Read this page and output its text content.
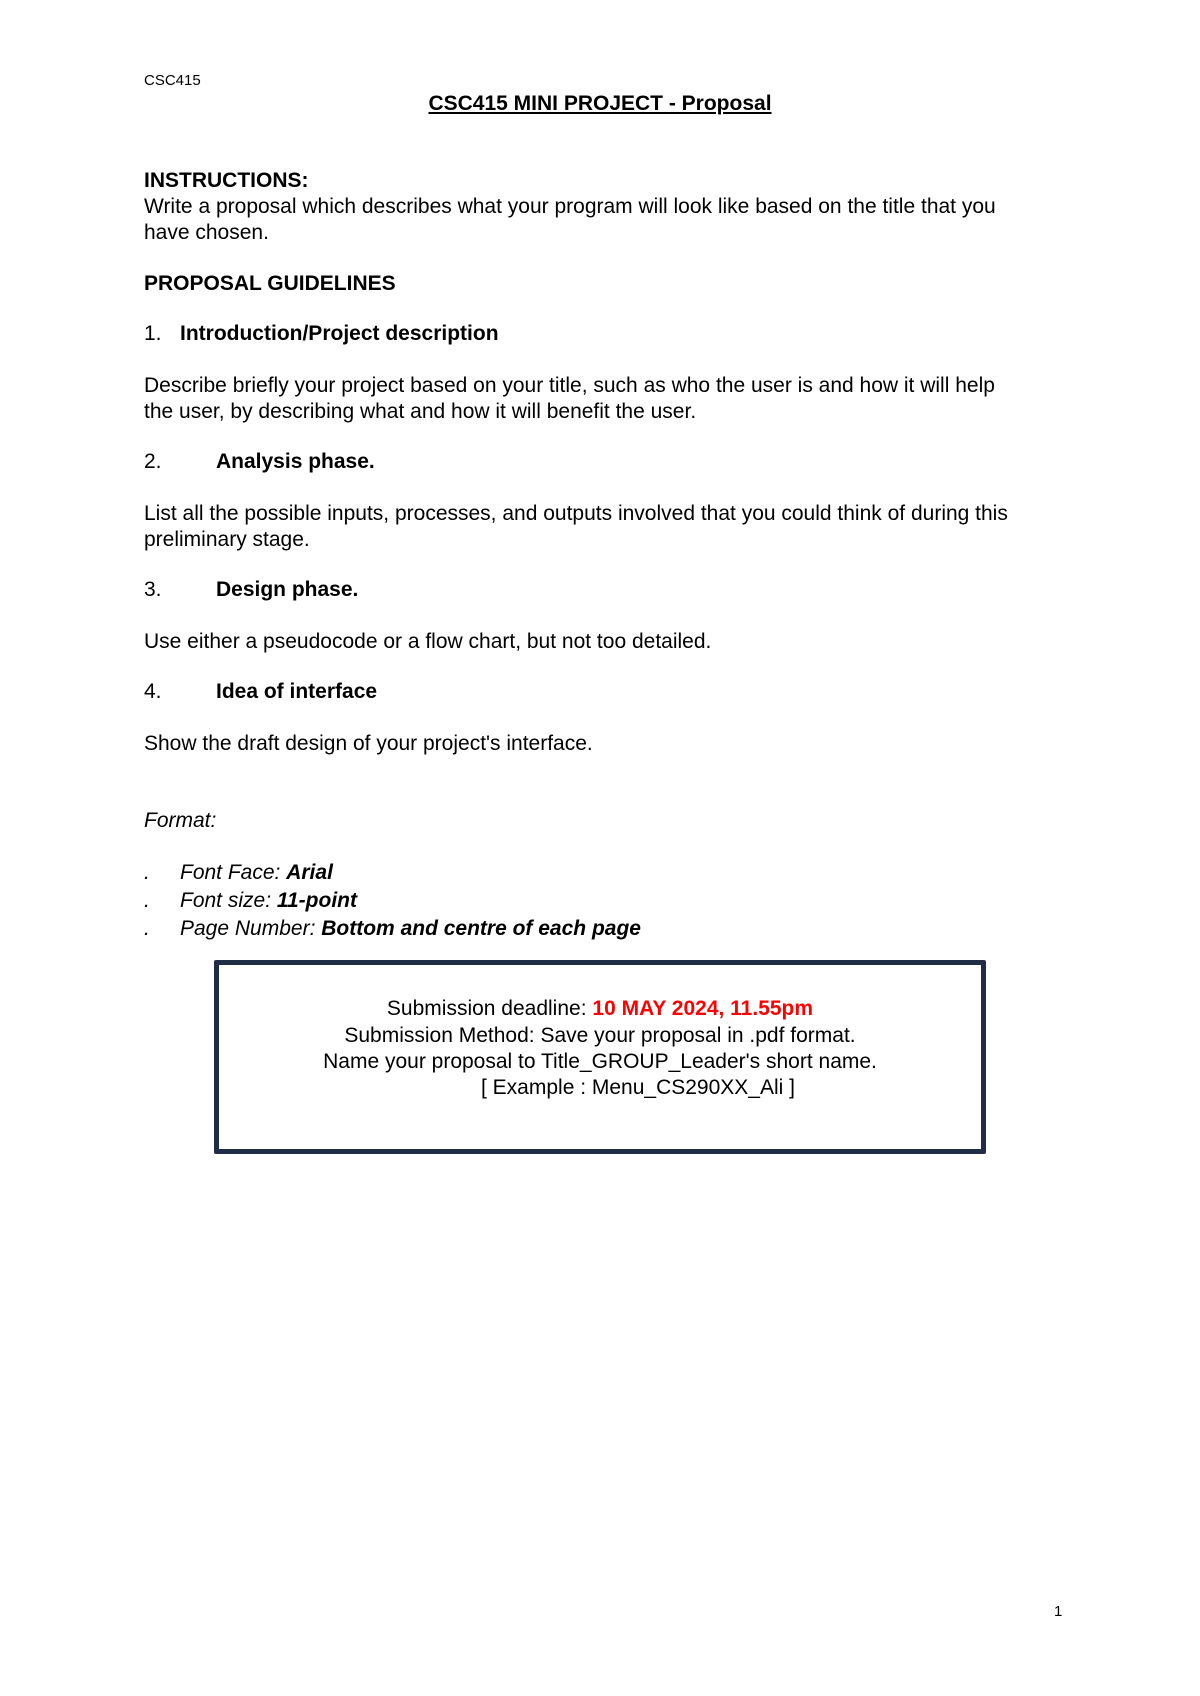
CSC415
CSC415 MINI PROJECT - Proposal
INSTRUCTIONS:
Write a proposal which describes what your program will look like based on the title that you
have chosen.
PROPOSAL GUIDELINES
1. Introduction/Project description
Describe briefly your project based on your title, such as who the user is and how it will help
the user, by describing what and how it will benefit the user.
2.	Analysis phase.
List all the possible inputs, processes, and outputs involved that you could think of during this
preliminary stage.
3.	Design phase.
Use either a pseudocode or a flow chart, but not too detailed.
4.	Idea of interface
Show the draft design of your project's interface.
Format:
. Font Face: Arial
. Font size: 11-point
. Page Number: Bottom and centre of each page
Submission deadline: 10 MAY 2024, 11.55pm
Submission Method: Save your proposal in .pdf format.
Name your proposal to Title_GROUP_Leader's short name.
[ Example : Menu_CS290XX_Ali ]
1
